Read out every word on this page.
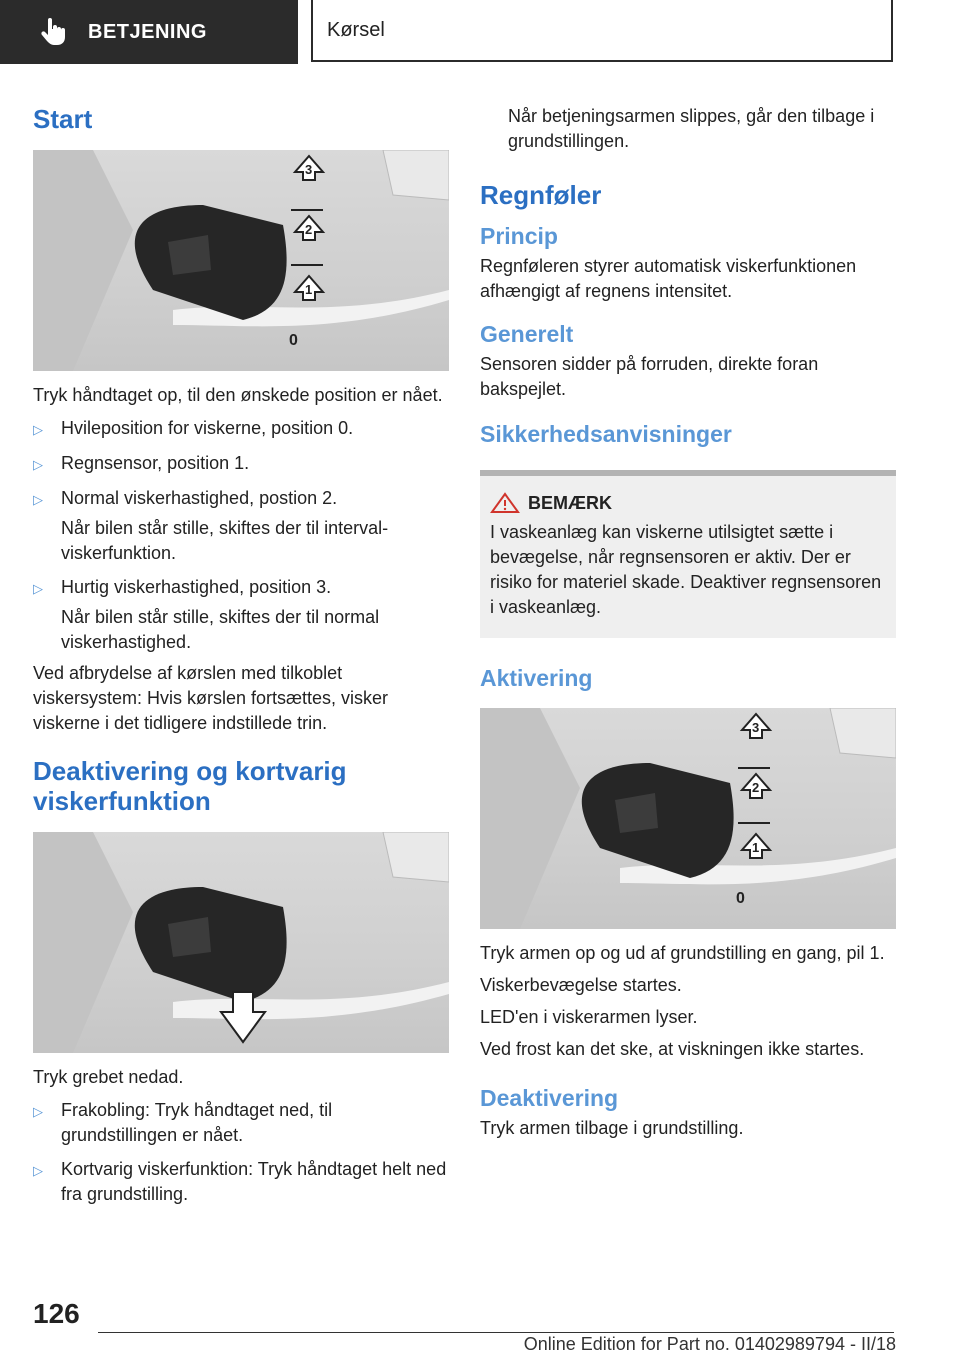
BETJENING	Kørsel
Start
3
2
1
0

Tryk håndtaget op, til den ønskede position er nået.

▷	Hvileposition for viskerne, position 0.
▷	Regnsensor, position 1.
▷	Normal viskerhastighed, postion 2.
Når bilen står stille, skiftes der til interval-viskerfunktion.
▷	Hurtig viskerhastighed, position 3.
Når bilen står stille, skiftes der til normal viskerhastighed.

Ved afbrydelse af kørslen med tilkoblet viskersystem: Hvis kørslen fortsættes, visker viskerne i det tidligere indstillede trin.

Deaktivering og kortvarig viskerfunktion

Tryk grebet nedad.

▷	Frakobling: Tryk håndtaget ned, til grundstillingen er nået.
▷	Kortvarig viskerfunktion: Tryk håndtaget helt ned fra grundstilling.
Når betjeningsarmen slippes, går den tilbage i grundstillingen.
Regnføler
Princip

Regnføleren styrer automatisk viskerfunktionen afhængigt af regnens intensitet.

Generelt

Sensoren sidder på forruden, direkte foran bakspejlet.

Sikkerhedsanvisninger
BEMÆRK

I vaskeanlæg kan viskerne utilsigtet sætte i bevægelse, når regnsensoren er aktiv. Der er risiko for materiel skade. Deaktiver regnsensoren i vaskeanlæg.

Aktivering
3
2
1
0

Tryk armen op og ud af grundstilling en gang, pil 1.

Viskerbevægelse startes.

LED'en i viskerarmen lyser.

Ved frost kan det ske, at viskningen ikke startes.

Deaktivering

Tryk armen tilbage i grundstilling.

126
Online Edition for Part no. 01402989794 - II/18
